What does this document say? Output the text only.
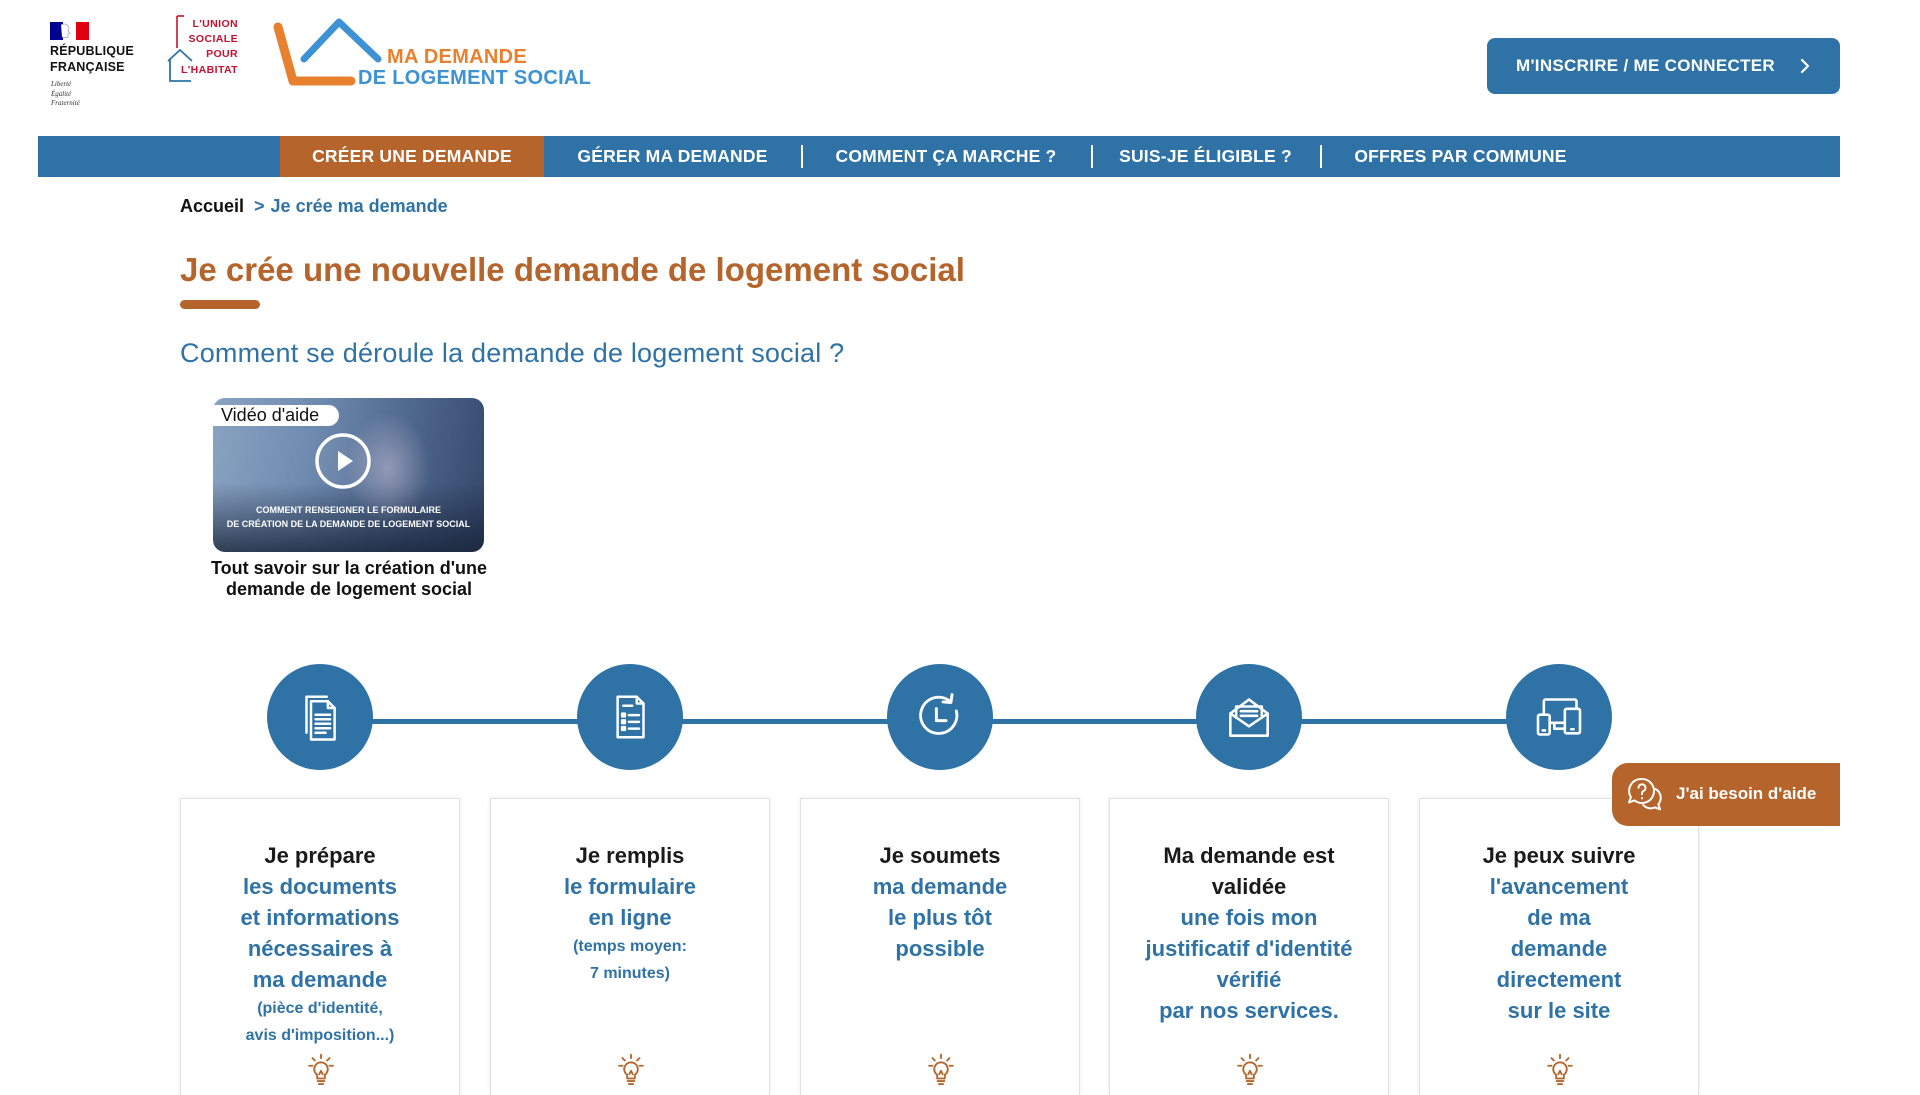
RÉPUBLIQUE
FRANÇAISE
Liberté
Égalité
Fraternité
L'UNION
SOCIALE
POUR
L'HABITAT
MA DEMANDE
DE LOGEMENT SOCIAL
M'INSCRIRE / ME CONNECTER
CRÉER UNE DEMANDE	GÉRER MA DEMANDE	COMMENT ÇA MARCHE ?	SUIS-JE ÉLIGIBLE ?	OFFRES PAR COMMUNE
Accueil > Je crée ma demande
Je crée une nouvelle demande de logement social
Comment se déroule la demande de logement social ?
Vidéo d'aide
COMMENT RENSEIGNER LE FORMULAIRE
DE CRÉATION DE LA DEMANDE DE LOGEMENT SOCIAL
Tout savoir sur la création d'une
demande de logement social
Je prépare
les documents
et informations
nécessaires à
ma demande
(pièce d'identité,
avis d'imposition...)
Je remplis
le formulaire
en ligne
(temps moyen:
7 minutes)
Je soumets
ma demande
le plus tôt
possible
Ma demande est
validée
une fois mon
justificatif d'identité
vérifié
par nos services.
Je peux suivre
l'avancement
de ma
demande
directement
sur le site
J'ai besoin d'aide
